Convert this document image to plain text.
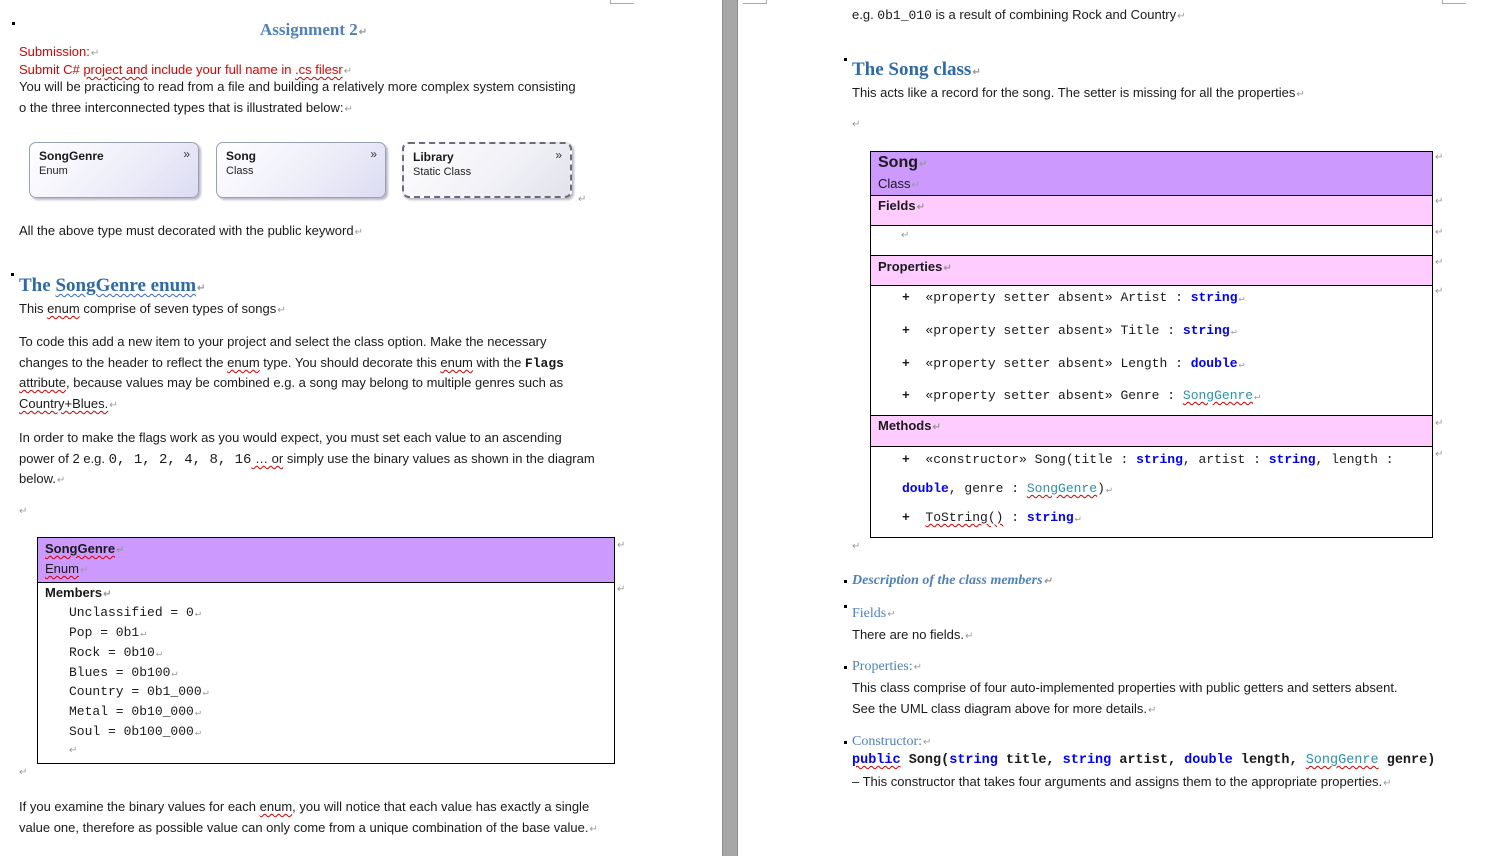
Assignment 2↵
Submission:↵
Submit C# project and include your full name in .cs filesr↵
You will be practicing to read from a file and building a relatively more complex system consisting
o the three interconnected types that is illustrated below:↵
SongGenre
Enum
»	Song
Class
»	Library
Static Class
»
↵
All the above type must decorated with the public keyword↵
The SongGenre enum↵
This enum comprise of seven types of songs↵
To code this add a new item to your project and select the class option. Make the necessary
changes to the header to reflect the enum type. You should decorate this enum with the Flags
attribute, because values may be combined e.g. a song may belong to multiple genres such as
Country+Blues.↵
In order to make the flags work as you would expect, you must set each value to an ascending
power of 2 e.g. 0, 1, 2, 4, 8, 16 … or simply use the binary values as shown in the diagram
below.↵
↵
SongGenre↵
Enum↵
Members↵
Unclassified = 0↵
Pop = 0b1↵
Rock = 0b10↵
Blues = 0b100↵
Country = 0b1_000↵
Metal = 0b10_000↵
Soul = 0b100_000↵
↵
↵
↵
↵
If you examine the binary values for each enum, you will notice that each value has exactly a single
value one, therefore as possible value can only come from a unique combination of the base value.↵
e.g. 0b1_010 is a result of combining Rock and Country↵
The Song class↵
This acts like a record for the song. The setter is missing for all the properties↵
↵
Song↵
Class↵
Fields↵
↵
Properties↵
+ «property setter absent» Artist : string↵
+ «property setter absent» Title : string↵
+ «property setter absent» Length : double↵
+ «property setter absent» Genre : SongGenre↵
Methods↵
+ «constructor» Song(title : string, artist : string, length :
double, genre : SongGenre)↵
+ ToString() : string↵
↵
↵
↵
↵
↵
↵
↵
↵
Description of the class members↵
Fields↵
There are no fields.↵
Properties:↵
This class comprise of four auto-implemented properties with public getters and setters absent.
See the UML class diagram above for more details.↵
Constructor:↵
public Song(string title, string artist, double length, SongGenre genre)
– This constructor that takes four arguments and assigns them to the appropriate properties.↵
